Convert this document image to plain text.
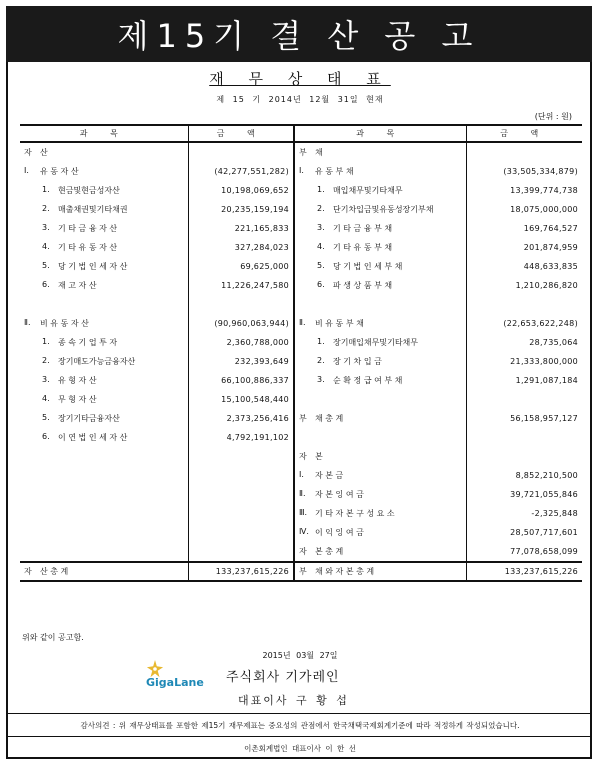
제15기 결 산 공 고
재 무 상 태 표
제 15 기 2014년 12월 31일 현재
(단위 : 원)
과 목	금 액	과 목	금 액

자 산		부 채	

Ⅰ. 유 동 자 산	(42,277,551,282)	Ⅰ. 유 동 부 채	(33,505,334,879)

1. 현금및현금성자산	10,198,069,652	1. 매입채무및기타채무	13,399,774,738

2. 매출채권및기타채권	20,235,159,194	2. 단기차입금및유동성장기부채	18,075,000,000

3. 기 타 금 융 자 산	221,165,833	3. 기 타 금 융 부 채	169,764,527

4. 기 타 유 동 자 산	327,284,023	4. 기 타 유 동 부 채	201,874,959

5. 당 기 법 인 세 자 산	69,625,000	5. 당 기 법 인 세 부 채	448,633,835

6. 재 고 자 산	11,226,247,580	6. 파 생 상 품 부 채	1,210,286,820

Ⅱ. 비 유 동 자 산	(90,960,063,944)	Ⅱ. 비 유 동 부 채	(22,653,622,248)

1. 종 속 기 업 투 자	2,360,788,000	1. 장기매입채무및기타채무	28,735,064

2. 장기매도가능금융자산	232,393,649	2. 장 기 차 입 금	21,333,800,000

3. 유 형 자 산	66,100,886,337	3. 순 확 정 급 여 부 채	1,291,087,184

4. 무 형 자 산	15,100,548,440	

5. 장기기타금융자산	2,373,256,416	부 채 총 계	56,158,957,127

6. 이 연 법 인 세 자 산	4,792,191,102	

		자 본	

		Ⅰ. 자 본 금	8,852,210,500

		Ⅱ. 자 본 잉 여 금	39,721,055,846

		Ⅲ. 기 타 자 본 구 성 요 소	-2,325,848

		Ⅳ. 이 익 잉 여 금	28,507,717,601

		자 본 총 계	77,078,658,099

자 산 총 계	133,237,615,226	부 채 와 자 본 총 계	133,237,615,226
위와 같이 공고함.
2015년 03월 27일
GigaLane 주식회사 기가레인
대표이사 구 황 섭
감사의견 : 위 재무상태표를 포함한 제15기 재무제표는 중요성의 관점에서 한국채택국제회계기준에 따라 적정하게 작성되었습니다.
이촌회계법인 대표이사 이 한 선
